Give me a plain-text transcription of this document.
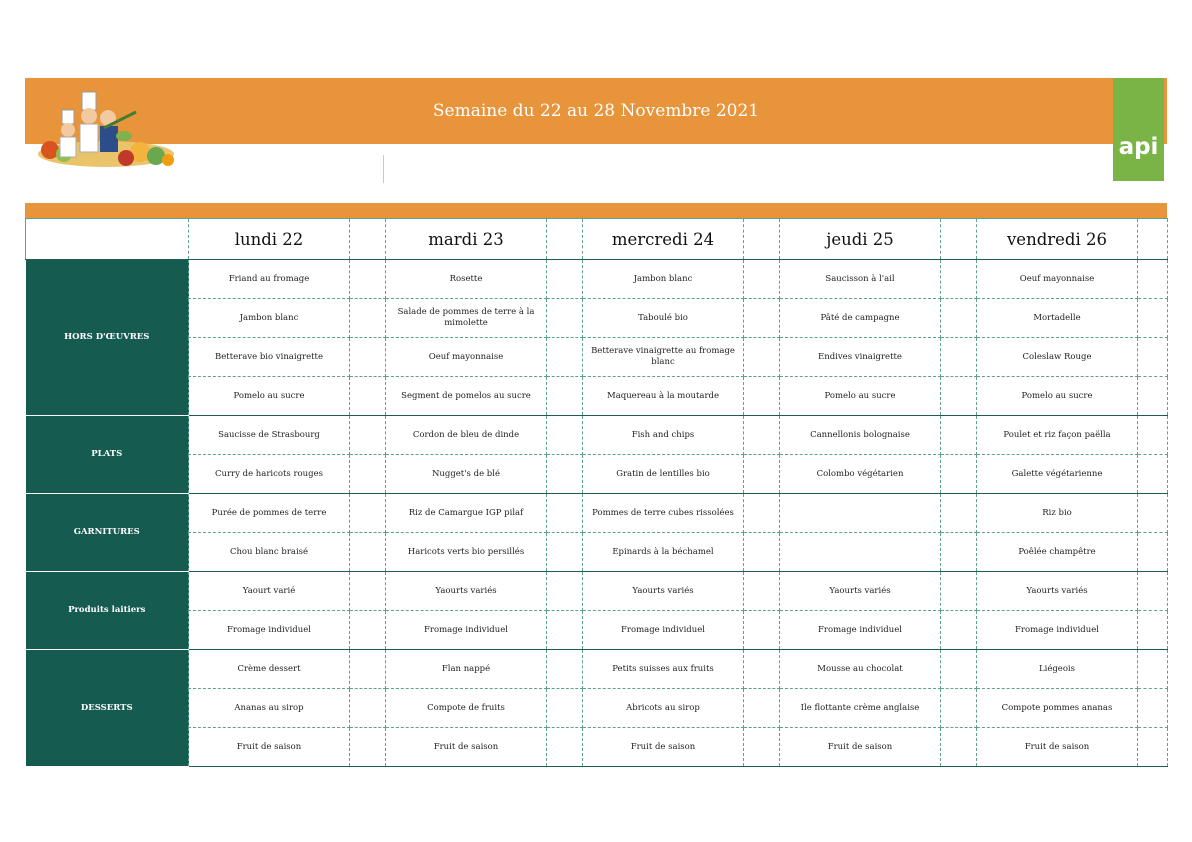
Semaine du 22 au 28 Novembre 2021
api
	lundi 22		mardi 23		mercredi 24		jeudi 25		vendredi 26	
HORS D'ŒUVRES	Friand au fromage		Rosette		Jambon blanc		Saucisson à l'ail		Oeuf mayonnaise	
	Jambon blanc		Salade de pommes de terre à la mimolette		Taboulé bio		Pâté de campagne		Mortadelle	
	Betterave bio vinaigrette		Oeuf mayonnaise		Betterave vinaigrette au fromage blanc		Endives vinaigrette		Coleslaw Rouge	
	Pomelo au sucre		Segment de pomelos au sucre		Maquereau à la moutarde		Pomelo au sucre		Pomelo au sucre	
PLATS	Saucisse de Strasbourg		Cordon de bleu de dinde		Fish and chips		Cannellonis bolognaise		Poulet et riz façon paëlla	
	Curry de haricots rouges		Nugget's de blé		Gratin de lentilles bio		Colombo végétarien		Galette végétarienne	
GARNITURES	Purée de pommes de terre		Riz de Camargue IGP pilaf		Pommes de terre cubes rissolées				Riz bio	
	Chou blanc braisé		Haricots verts bio persillés		Epinards à la béchamel				Poêlée champêtre	
Produits laitiers	Yaourt varié		Yaourts variés		Yaourts variés		Yaourts variés		Yaourts variés	
	Fromage individuel		Fromage individuel		Fromage individuel		Fromage individuel		Fromage individuel	
DESSERTS	Crème dessert		Flan nappé		Petits suisses aux fruits		Mousse au chocolat		Liégeois	
	Ananas au sirop		Compote de fruits		Abricots au sirop		Ile flottante crème anglaise		Compote pommes ananas	
	Fruit de saison		Fruit de saison		Fruit de saison		Fruit de saison		Fruit de saison	
